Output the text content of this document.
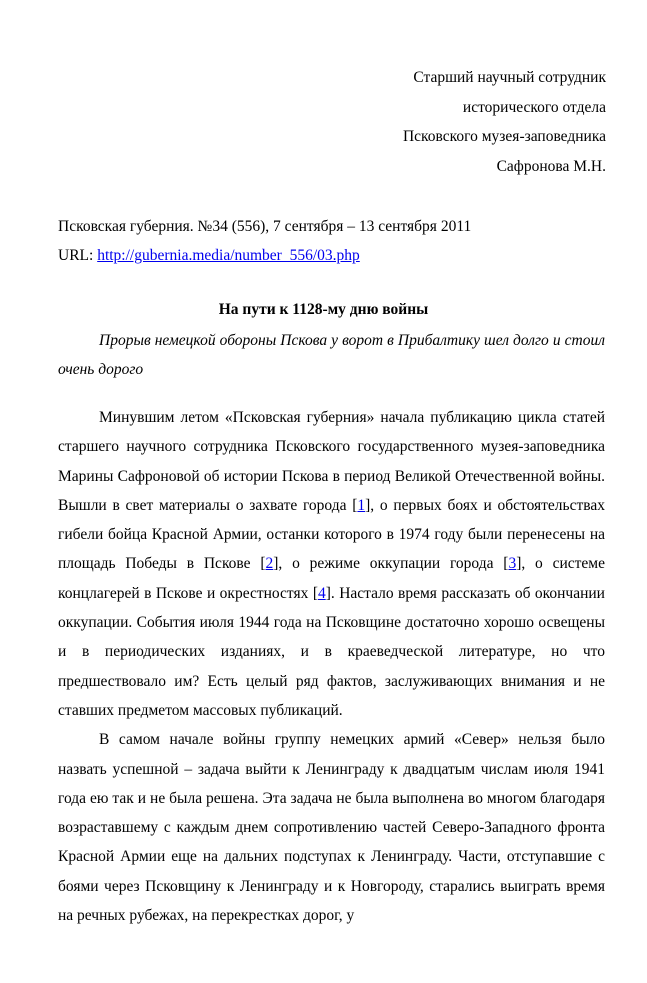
Старший научный сотрудник
исторического отдела
Псковского музея-заповедника
Сафронова М.Н.
Псковская губерния. №34 (556), 7 сентября – 13 сентября 2011
URL: http://gubernia.media/number_556/03.php
На пути к 1128-му дню войны

Прорыв немецкой обороны Пскова у ворот в Прибалтику шел долго и стоил очень дорого

Минувшим летом «Псковская губерния» начала публикацию цикла статей старшего научного сотрудника Псковского государственного музея-заповедника Марины Сафроновой об истории Пскова в период Великой Отечественной войны. Вышли в свет материалы о захвате города [1], о первых боях и обстоятельствах гибели бойца Красной Армии, останки которого в 1974 году были перенесены на площадь Победы в Пскове [2], о режиме оккупации города [3], о системе концлагерей в Пскове и окрестностях [4]. Настало время рассказать об окончании оккупации. События июля 1944 года на Псковщине достаточно хорошо освещены и в периодических изданиях, и в краеведческой литературе, но что предшествовало им? Есть целый ряд фактов, заслуживающих внимания и не ставших предметом массовых публикаций.

В самом начале войны группу немецких армий «Север» нельзя было назвать успешной – задача выйти к Ленинграду к двадцатым числам июля 1941 года ею так и не была решена. Эта задача не была выполнена во многом благодаря возраставшему с каждым днем сопротивлению частей Северо-Западного фронта Красной Армии еще на дальних подступах к Ленинграду. Части, отступавшие с боями через Псковщину к Ленинграду и к Новгороду, старались выиграть время на речных рубежах, на перекрестках дорог, у
